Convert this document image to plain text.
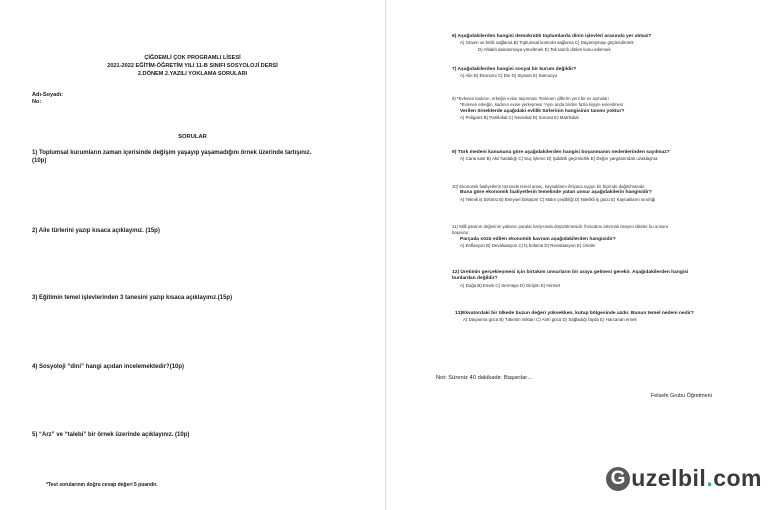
ÇİĞDEMLİ ÇOK PROGRAMLI LİSESİ
2021-2022 EĞİTİM-ÖĞRETİM YILI 11-B SINIFI SOSYOLOJİ DERSİ
2.DÖNEM 2.YAZILI YOKLAMA SORULARI
Adı-Soyadı:
No:
SORULAR
1) Toplumsal kurumların zaman içerisinde değişim yaşayıp yaşamadığını örnek üzerinde tartışınız.
(10p)
2) Aile türlerini yazıp kısaca açıklayınız. (15p)
3) Eğitimin temel işlevlerinden 3 tanesini yazıp kısaca açıklayınız.(15p)
4) Sosyoloji “dini” hangi açıdan incelemektedir?(10p)
5) “Arz” ve “talebi” bir örnek üzerinde açıklayınız. (10p)
*Test sorularının doğru cevap değeri 5 puandır.
6) Aşağıdakilerden hangisi demokratik toplumlarda dinin işlevleri arasında yer almaz?
A) Güven ve birlik sağlama B) Toplumsal kontrolü sağlama C) Dayanışmayı güçlendirmek
D) Ahlaklı davranmaya yöneltmek E) Tek tanrılı dinleri konu edinmek
7) Aşağıdakilerden hangisi sosyal bir kurum değildir?
A) Aile B) Ekonomi C) Din D) Siyaset E) Kamuoyu
8) *Evlenen kadının, erkeğin evine taşınması *Evlenen çiftlerin yeni bir ev açmaları
*Evlenen erkeğin, kadının evine yerleşmesi *Aynı anda birden fazla kişiyle evlenilmesi
Verilen örneklerde aşağıdaki evlilik türlerinin hangisinin tanımı yoktur?
A) Poligami B) Patrilokal C) Neolokal D) Sororat E) Matrilokal
9) Türk medeni kanununa göre aşağıdakilerden hangisi boşanmanın nedenlerinden sayılmaz?
A) Cana kast B) Akıl hastalığı C) Suç işleme D) Şiddetli geçimsizlik E) Değer yargılarından uzaklaşma
10) Ekonomik faaliyetlerin tümünde temel amaç, kaynakların ihtiyaca uygun bir biçimde dağıtılmasıdır.
Buna göre ekonomik faaliyetlerin temelinde yatan unsur aşağıdakilerin hangisidir?
A) Teknik iş bölümü B) Bireysel bölüşüm C) Malın çeşitliliği D) Nitelikli iş gücü E) Kaynakların sınırlığı
11) Milli paranın değerinin yabancı paralar karşısında düşürülmesidir. İhracatını artırmak isteyen ülkeler bu unsura
başvurur.
Parçada sözü edilen ekonomik kavram aşağıdakilerden hangisidir?
A) Enflasyon B) Devalüasyon C) İş bölümü D) Revalüasyon E) Üretim
12) Üretimin gerçekleşmesi için birtakım unsurların bir araya gelmesi gerekir. Aşağıdakilerden hangisi
bunlardan değildir?
A) Doğa B) Emek C) Sermaye D) Girişim E) Hizmet
13)Ekvatordaki bir ülkede buzun değeri yüksekken, kutup bölgesinde azdır. Bunun temel nedeni nedir?
A) Dayanma gücü B) Tüketim miktarı C) Alım gücü D) Sağladığı fayda E) Harcanan emek
Not: Süreniz 40 dakikadır. Başarılar…
Felsefe Grubu Öğretmeni
G uzelbil . com
